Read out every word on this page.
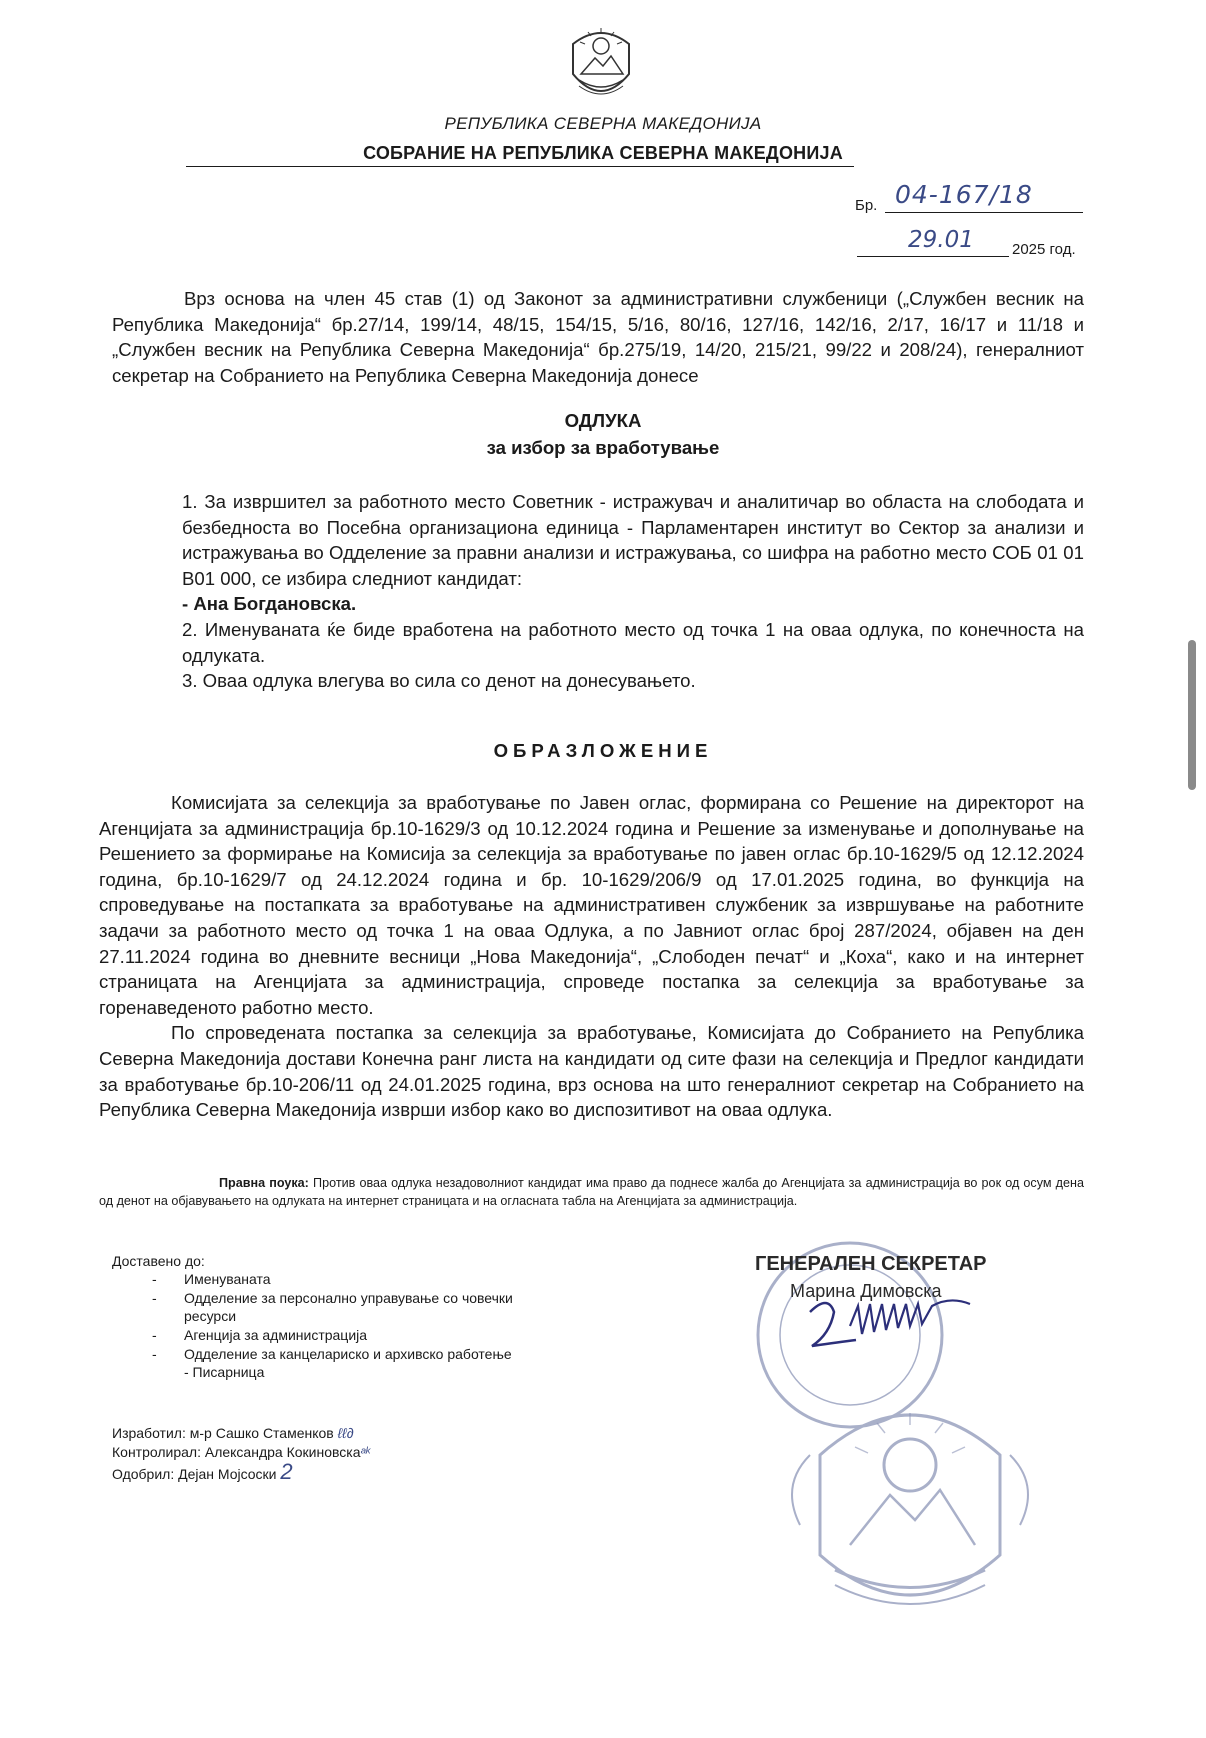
РЕПУБЛИКА СЕВЕРНА МАКЕДОНИЈА
СОБРАНИЕ НА РЕПУБЛИКА СЕВЕРНА МАКЕДОНИЈА
Бр. 04-167/18
29.01	2025 год.
Врз основа на член 45 став (1) од Законот за административни службеници („Службен весник на Република Македонија“ бр.27/14, 199/14, 48/15, 154/15, 5/16, 80/16, 127/16, 142/16, 2/17, 16/17 и 11/18 и „Службен весник на Република Северна Македонија“ бр.275/19, 14/20, 215/21, 99/22 и 208/24), генералниот секретар на Собранието на Република Северна Македонија донесе
ОДЛУКА
за избор за вработување
1. За извршител за работното место Советник - истражувач и аналитичар во областа на слободата и безбедноста во Посебна организациона единица - Парламентарен институт во Сектор за анализи и истражувања во Одделение за правни анализи и истражувања, со шифра на работно место СОБ 01 01 В01 000, се избира следниот кандидат:
- Ана Богдановска.
2. Именуваната ќе биде вработена на работното место од точка 1 на оваа одлука, по конечноста на одлуката.
3. Оваа одлука влегува во сила со денот на донесувањето.
ОБРАЗЛОЖЕНИЕ

Комисијата за селекција за вработување по Јавен оглас, формирана со Решение на директорот на Агенцијата за администрација бр.10-1629/3 од 10.12.2024 година и Решение за изменување и дополнување на Решението за формирање на Комисија за селекција за вработување по јавен оглас бр.10-1629/5 од 12.12.2024 година, бр.10-1629/7 од 24.12.2024 година и бр. 10-1629/206/9 од 17.01.2025 година, во функција на спроведување на постапката за вработување на административен службеник за извршување на работните задачи за работното место од точка 1 на оваа Одлука, а по Јавниот оглас број 287/2024, објавен на ден 27.11.2024 година во дневните весници „Нова Македонија“, „Слободен печат“ и „Коха“, како и на интернет страницата на Агенцијата за администрација, спроведе постапка за селекција за вработување за горенаведеното работно место.

По спроведената постапка за селекција за вработување, Комисијата до Собранието на Република Северна Македонија достави Конечна ранг листа на кандидати од сите фази на селекција и Предлог кандидати за вработување бр.10-206/11 од 24.01.2025 година, врз основа на што генералниот секретар на Собранието на Република Северна Македонија изврши избор како во диспозитивот на оваа одлука.

Правна поука: Против оваа одлука незадоволниот кандидат има право да поднесе жалба до Агенцијата за администрација во рок од осум дена од денот на објавувањето на одлуката на интернет страницата и на огласната табла на Агенцијата за администрација.
Доставено до:
-	Именуваната
-	Одделение за персонално управување со човечки ресурси
-	Агенција за администрација
-	Одделение за канцелариско и архивско работење - Писарница
Изработил: м-р Сашко Стаменков ℓℓ∂
Контролирал: Александра Кокиновскаᵃᵏ
Одобрил: Дејан Мојсоски 2
ГЕНЕРАЛЕН СЕКРЕТАР
Марина Димовска
